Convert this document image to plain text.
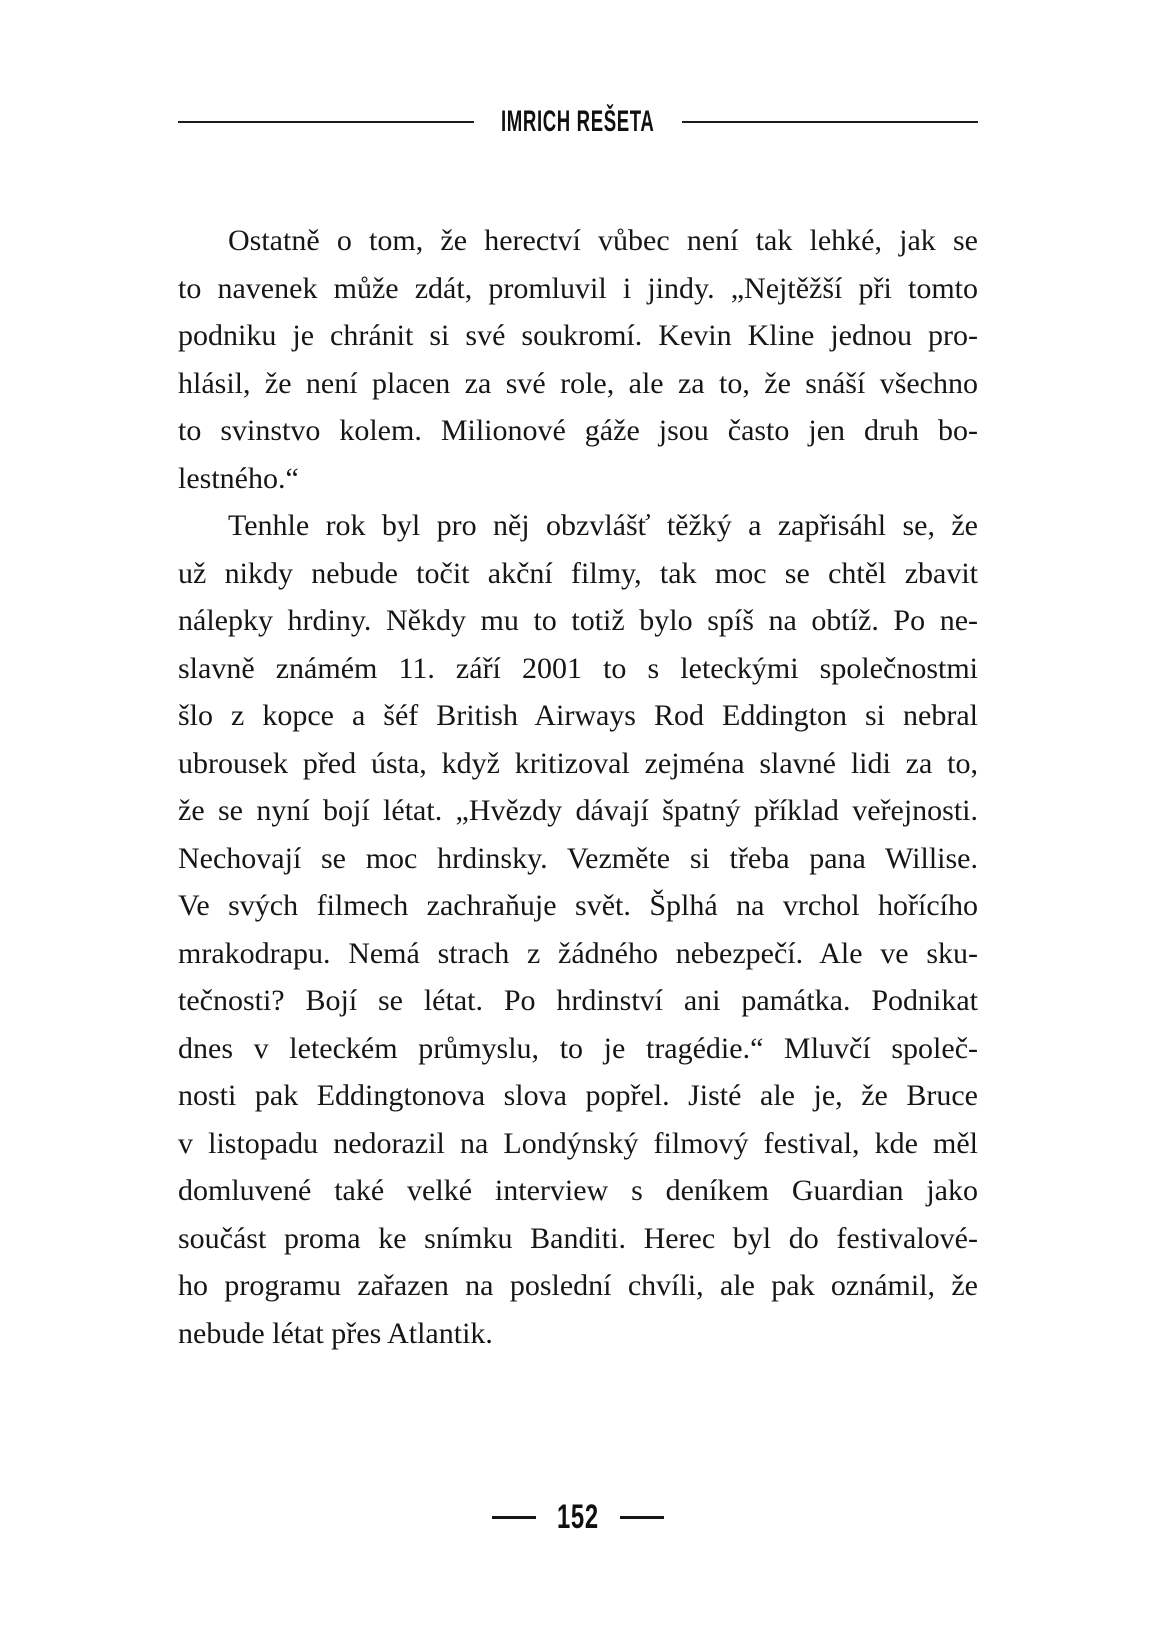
IMRICH REŠETA

Ostatně o tom, že herectví vůbec není tak lehké, jak se
to navenek může zdát, promluvil i jindy. „Nejtěžší při tomto
podniku je chránit si své soukromí. Kevin Kline jednou pro-
hlásil, že není placen za své role, ale za to, že snáší všechno
to svinstvo kolem. Milionové gáže jsou často jen druh bo-
lestného.“

Tenhle rok byl pro něj obzvlášť těžký a zapřisáhl se, že
už nikdy nebude točit akční filmy, tak moc se chtěl zbavit
nálepky hrdiny. Někdy mu to totiž bylo spíš na obtíž. Po ne-
slavně známém 11. září 2001 to s leteckými společnostmi
šlo z kopce a šéf British Airways Rod Eddington si nebral
ubrousek před ústa, když kritizoval zejména slavné lidi za to,
že se nyní bojí létat. „Hvězdy dávají špatný příklad veřejnosti.
Nechovají se moc hrdinsky. Vezměte si třeba pana Willise.
Ve svých filmech zachraňuje svět. Šplhá na vrchol hořícího
mrakodrapu. Nemá strach z žádného nebezpečí. Ale ve sku-
tečnosti? Bojí se létat. Po hrdinství ani památka. Podnikat
dnes v leteckém průmyslu, to je tragédie.“ Mluvčí společ-
nosti pak Eddingtonova slova popřel. Jisté ale je, že Bruce
v listopadu nedorazil na Londýnský filmový festival, kde měl
domluvené také velké interview s deníkem Guardian jako
součást proma ke snímku Banditi. Herec byl do festivalové-
ho programu zařazen na poslední chvíli, ale pak oznámil, že
nebude létat přes Atlantik.

152
